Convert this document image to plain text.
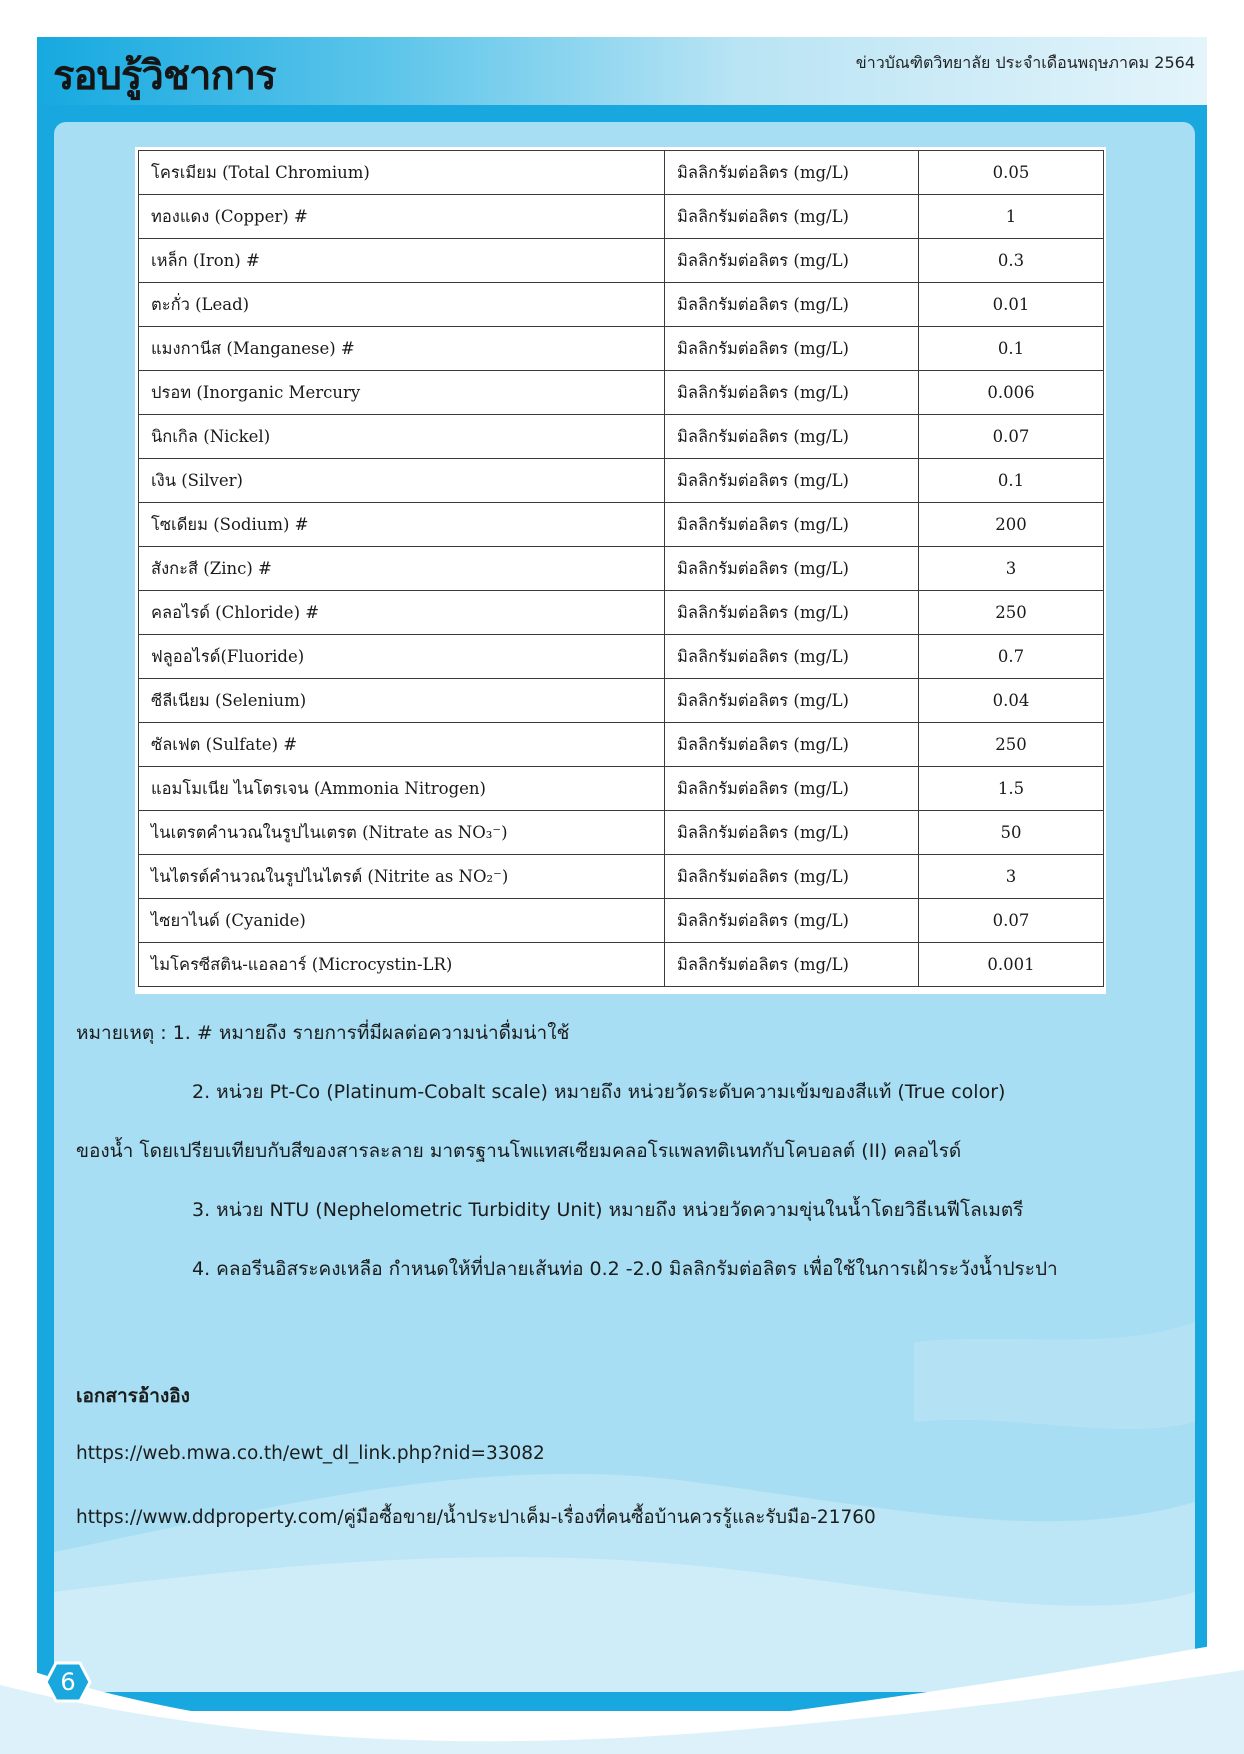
รอบรู้วิชาการ	ข่าวบัณฑิตวิทยาลัย ประจำเดือนพฤษภาคม 2564
โครเมียม (Total Chromium)	มิลลิกรัมต่อลิตร (mg/L)	0.05
ทองแดง (Copper) #	มิลลิกรัมต่อลิตร (mg/L)	1
เหล็ก (Iron) #	มิลลิกรัมต่อลิตร (mg/L)	0.3
ตะกั่ว (Lead)	มิลลิกรัมต่อลิตร (mg/L)	0.01
แมงกานีส (Manganese) #	มิลลิกรัมต่อลิตร (mg/L)	0.1
ปรอท (Inorganic Mercury	มิลลิกรัมต่อลิตร (mg/L)	0.006
นิกเกิล (Nickel)	มิลลิกรัมต่อลิตร (mg/L)	0.07
เงิน (Silver)	มิลลิกรัมต่อลิตร (mg/L)	0.1
โซเดียม (Sodium) #	มิลลิกรัมต่อลิตร (mg/L)	200
สังกะสี (Zinc) #	มิลลิกรัมต่อลิตร (mg/L)	3
คลอไรด์ (Chloride) #	มิลลิกรัมต่อลิตร (mg/L)	250
ฟลูออไรด์(Fluoride)	มิลลิกรัมต่อลิตร (mg/L)	0.7
ซีลีเนียม (Selenium)	มิลลิกรัมต่อลิตร (mg/L)	0.04
ซัลเฟต (Sulfate) #	มิลลิกรัมต่อลิตร (mg/L)	250
แอมโมเนีย ไนโตรเจน (Ammonia Nitrogen)	มิลลิกรัมต่อลิตร (mg/L)	1.5
ไนเตรตคำนวณในรูปไนเตรต (Nitrate as NO₃⁻)	มิลลิกรัมต่อลิตร (mg/L)	50
ไนไตรต์คำนวณในรูปไนไตรต์ (Nitrite as NO₂⁻)	มิลลิกรัมต่อลิตร (mg/L)	3
ไซยาไนด์ (Cyanide)	มิลลิกรัมต่อลิตร (mg/L)	0.07
ไมโครซีสติน-แอลอาร์ (Microcystin-LR)	มิลลิกรัมต่อลิตร (mg/L)	0.001
หมายเหตุ : 1. # หมายถึง รายการที่มีผลต่อความน่าดื่มน่าใช้
2. หน่วย Pt-Co (Platinum-Cobalt scale) หมายถึง หน่วยวัดระดับความเข้มของสีแท้ (True color)
ของน้ำ โดยเปรียบเทียบกับสีของสารละลาย มาตรฐานโพแทสเซียมคลอโรแพลทติเนทกับโคบอลต์ (II) คลอไรด์
3. หน่วย NTU (Nephelometric Turbidity Unit) หมายถึง หน่วยวัดความขุ่นในน้ำโดยวิธีเนฟีโลเมตรี
4. คลอรีนอิสระคงเหลือ กำหนดให้ที่ปลายเส้นท่อ 0.2 -2.0 มิลลิกรัมต่อลิตร เพื่อใช้ในการเฝ้าระวังน้ำประปา
เอกสารอ้างอิง
https://web.mwa.co.th/ewt_dl_link.php?nid=33082
https://www.ddproperty.com/คู่มือซื้อขาย/น้ำประปาเค็ม-เรื่องที่คนซื้อบ้านควรรู้และรับมือ-21760
6
